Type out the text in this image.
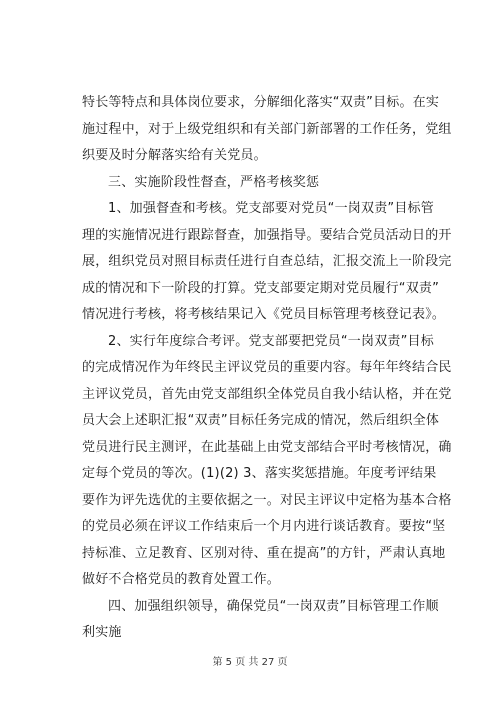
特长等特点和具体岗位要求，分解细化落实“双责”目标。在实
施过程中，对于上级党组织和有关部门新部署的工作任务，党组
织要及时分解落实给有关党员。
三、实施阶段性督查，严格考核奖惩
1、加强督查和考核。党支部要对党员“一岗双责”目标管
理的实施情况进行跟踪督查，加强指导。要结合党员活动日的开
展，组织党员对照目标责任进行自查总结，汇报交流上一阶段完
成的情况和下一阶段的打算。党支部要定期对党员履行“双责”
情况进行考核，将考核结果记入《党员目标管理考核登记表》。
2、实行年度综合考评。党支部要把党员“一岗双责”目标
的完成情况作为年终民主评议党员的重要内容。每年年终结合民
主评议党员，首先由党支部组织全体党员自我小结认格，并在党
员大会上述职汇报“双责”目标任务完成的情况，然后组织全体
党员进行民主测评，在此基础上由党支部结合平时考核情况，确
定每个党员的等次。(1)(2) 3、落实奖惩措施。年度考评结果
要作为评先选优的主要依据之一。对民主评议中定格为基本合格
的党员必须在评议工作结束后一个月内进行谈话教育。要按“坚
持标准、立足教育、区别对待、重在提高”的方针，严肃认真地
做好不合格党员的教育处置工作。
四、加强组织领导，确保党员“一岗双责”目标管理工作顺
利实施
第 5 页 共 27 页
